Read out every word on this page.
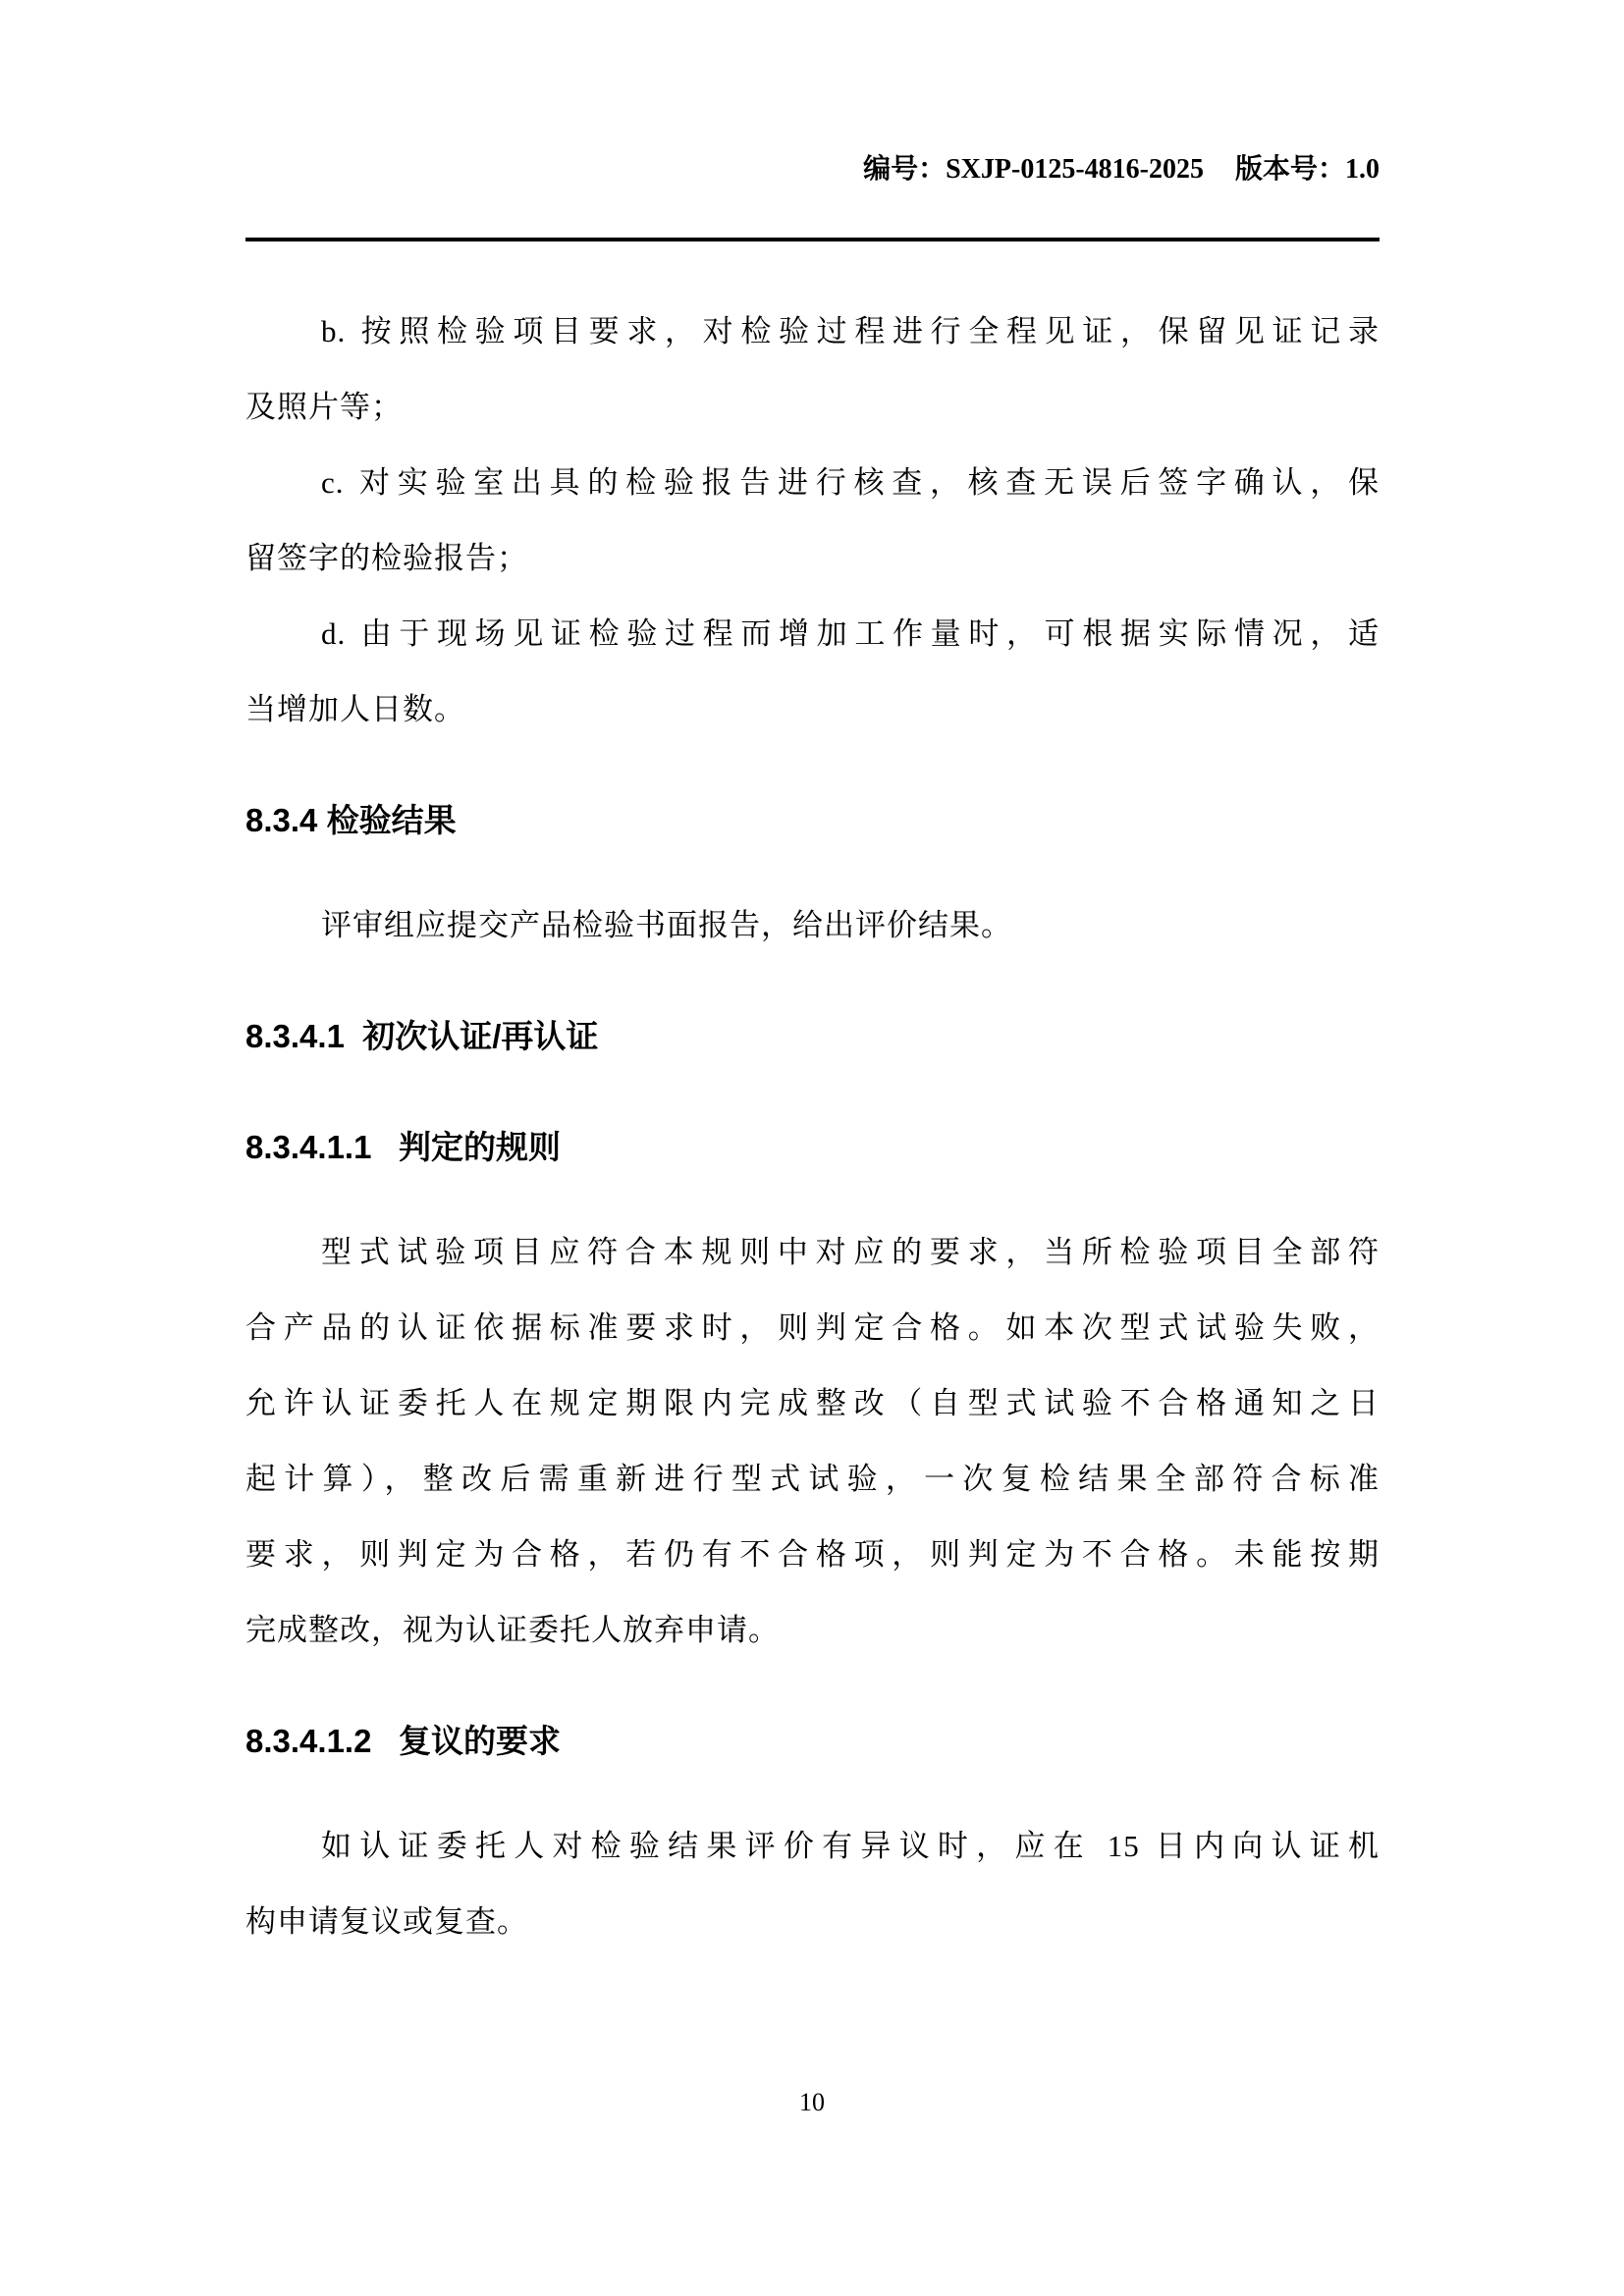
编号：SXJP-0125-4816-2025 版本号：1.0

b. 按照检验项目要求，对检验过程进行全程见证，保留见证记录
及照片等；
c. 对实验室出具的检验报告进行核查，核查无误后签字确认，保
留签字的检验报告；
d. 由于现场见证检验过程而增加工作量时，可根据实际情况，适
当增加人日数。
8.3.4 检验结果
评审组应提交产品检验书面报告，给出评价结果。
8.3.4.1  初次认证/再认证
8.3.4.1.1   判定的规则
型式试验项目应符合本规则中对应的要求，当所检验项目全部符
合产品的认证依据标准要求时，则判定合格。如本次型式试验失败，
允许认证委托人在规定期限内完成整改（自型式试验不合格通知之日
起计算），整改后需重新进行型式试验，一次复检结果全部符合标准
要求，则判定为合格，若仍有不合格项，则判定为不合格。未能按期
完成整改，视为认证委托人放弃申请。
8.3.4.1.2   复议的要求
如认证委托人对检验结果评价有异议时，应在 15 日内向认证机
构申请复议或复查。
10
